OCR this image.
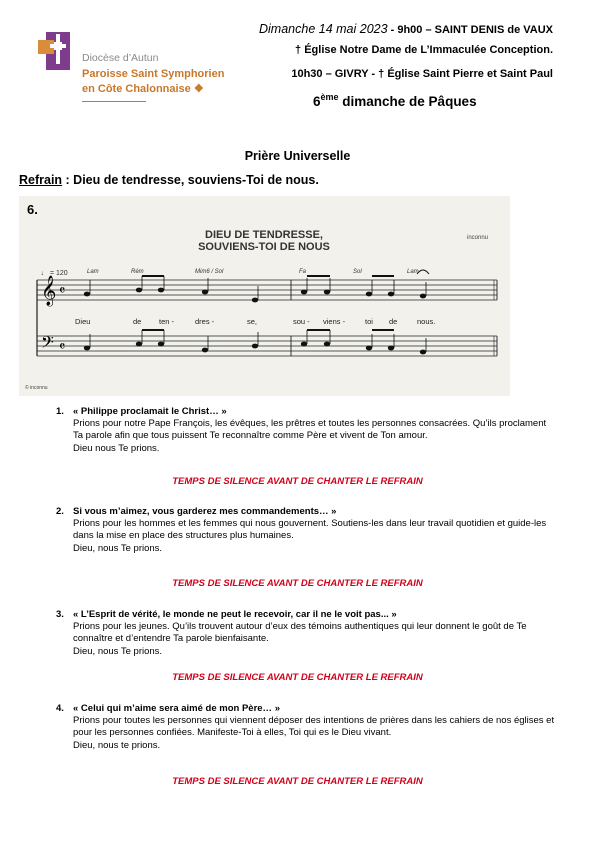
Diocèse d’Autun
Paroisse Saint Symphorien
en Côte Chalonnaise ❖
Dimanche 14 mai 2023 - 9h00 – SAINT DENIS de VAUX
† Église Notre Dame de L’Immaculée Conception.
10h30 – GIVRY - † Église Saint Pierre et Saint Paul
6ème dimanche de Pâques
Prière Universelle
Refrain : Dieu de tendresse, souviens-Toi de nous.
6.
DIEU DE TENDRESSE,
SOUVIENS-TOI DE NOUS
inconnu
♩ = 120
© inconnu
𝄞
𝄢
𝄴
𝄴
Lam	Rém	Mim6 / Sol	Fa	Sol	Lam
Dieu	de ten -	dres -	se,	sou - viens -	toi de	nous.
1. « Philippe proclamait le Christ… »
Prions pour notre Pape François, les évêques, les prêtres et toutes les personnes consacrées. Qu’ils proclament
Ta parole afin que tous puissent Te reconnaître comme Père et vivent de Ton amour.
Dieu nous Te prions.
TEMPS DE SILENCE AVANT DE CHANTER LE REFRAIN
2. Si vous m’aimez, vous garderez mes commandements… »
Prions pour les hommes et les femmes qui nous gouvernent. Soutiens-les dans leur travail quotidien et guide-les
dans la mise en place des structures plus humaines.
Dieu, nous Te prions.
TEMPS DE SILENCE AVANT DE CHANTER LE REFRAIN
3. « L’Esprit de vérité, le monde ne peut le recevoir, car il ne le voit pas... »
Prions pour les jeunes. Qu’ils trouvent autour d’eux des témoins authentiques qui leur donnent le goût de Te
connaître et d’entendre Ta parole bienfaisante.
Dieu, nous Te prions.
TEMPS DE SILENCE AVANT DE CHANTER LE REFRAIN
4. « Celui qui m’aime sera aimé de mon Père… »
Prions pour toutes les personnes qui viennent déposer des intentions de prières dans les cahiers de nos églises et
pour les personnes confiées. Manifeste-Toi à elles, Toi qui es le Dieu vivant.
Dieu, nous te prions.
TEMPS DE SILENCE AVANT DE CHANTER LE REFRAIN
